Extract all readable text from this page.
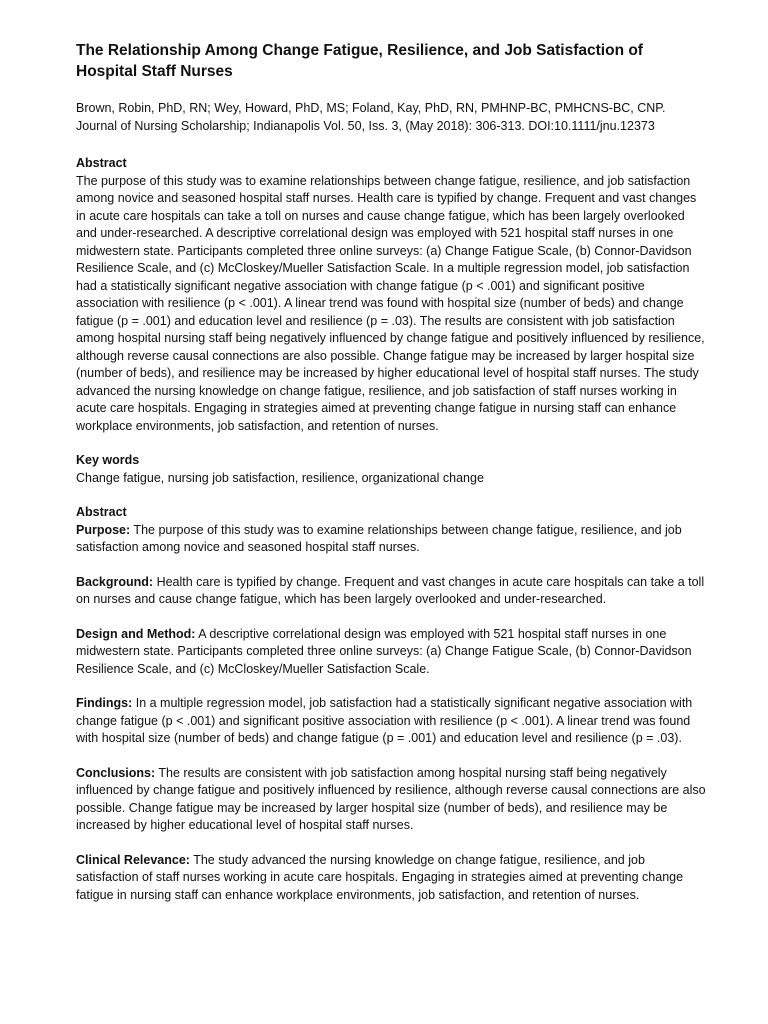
The Relationship Among Change Fatigue, Resilience, and Job Satisfaction of Hospital Staff Nurses
Brown, Robin, PhD, RN; Wey, Howard, PhD, MS; Foland, Kay, PhD, RN, PMHNP-BC, PMHCNS-BC, CNP. Journal of Nursing Scholarship; Indianapolis Vol. 50, Iss. 3, (May 2018): 306-313. DOI:10.1111/jnu.12373
Abstract
The purpose of this study was to examine relationships between change fatigue, resilience, and job satisfaction among novice and seasoned hospital staff nurses. Health care is typified by change. Frequent and vast changes in acute care hospitals can take a toll on nurses and cause change fatigue, which has been largely overlooked and under-researched. A descriptive correlational design was employed with 521 hospital staff nurses in one midwestern state. Participants completed three online surveys: (a) Change Fatigue Scale, (b) Connor-Davidson Resilience Scale, and (c) McCloskey/Mueller Satisfaction Scale. In a multiple regression model, job satisfaction had a statistically significant negative association with change fatigue (p < .001) and significant positive association with resilience (p < .001). A linear trend was found with hospital size (number of beds) and change fatigue (p = .001) and education level and resilience (p = .03). The results are consistent with job satisfaction among hospital nursing staff being negatively influenced by change fatigue and positively influenced by resilience, although reverse causal connections are also possible. Change fatigue may be increased by larger hospital size (number of beds), and resilience may be increased by higher educational level of hospital staff nurses. The study advanced the nursing knowledge on change fatigue, resilience, and job satisfaction of staff nurses working in acute care hospitals. Engaging in strategies aimed at preventing change fatigue in nursing staff can enhance workplace environments, job satisfaction, and retention of nurses.
Key words
Change fatigue, nursing job satisfaction, resilience, organizational change
Abstract
Purpose: The purpose of this study was to examine relationships between change fatigue, resilience, and job satisfaction among novice and seasoned hospital staff nurses.
Background: Health care is typified by change. Frequent and vast changes in acute care hospitals can take a toll on nurses and cause change fatigue, which has been largely overlooked and under-researched.
Design and Method: A descriptive correlational design was employed with 521 hospital staff nurses in one midwestern state. Participants completed three online surveys: (a) Change Fatigue Scale, (b) Connor-Davidson Resilience Scale, and (c) McCloskey/Mueller Satisfaction Scale.
Findings: In a multiple regression model, job satisfaction had a statistically significant negative association with change fatigue (p < .001) and significant positive association with resilience (p < .001). A linear trend was found with hospital size (number of beds) and change fatigue (p = .001) and education level and resilience (p = .03).
Conclusions: The results are consistent with job satisfaction among hospital nursing staff being negatively influenced by change fatigue and positively influenced by resilience, although reverse causal connections are also possible. Change fatigue may be increased by larger hospital size (number of beds), and resilience may be increased by higher educational level of hospital staff nurses.
Clinical Relevance: The study advanced the nursing knowledge on change fatigue, resilience, and job satisfaction of staff nurses working in acute care hospitals. Engaging in strategies aimed at preventing change fatigue in nursing staff can enhance workplace environments, job satisfaction, and retention of nurses.
